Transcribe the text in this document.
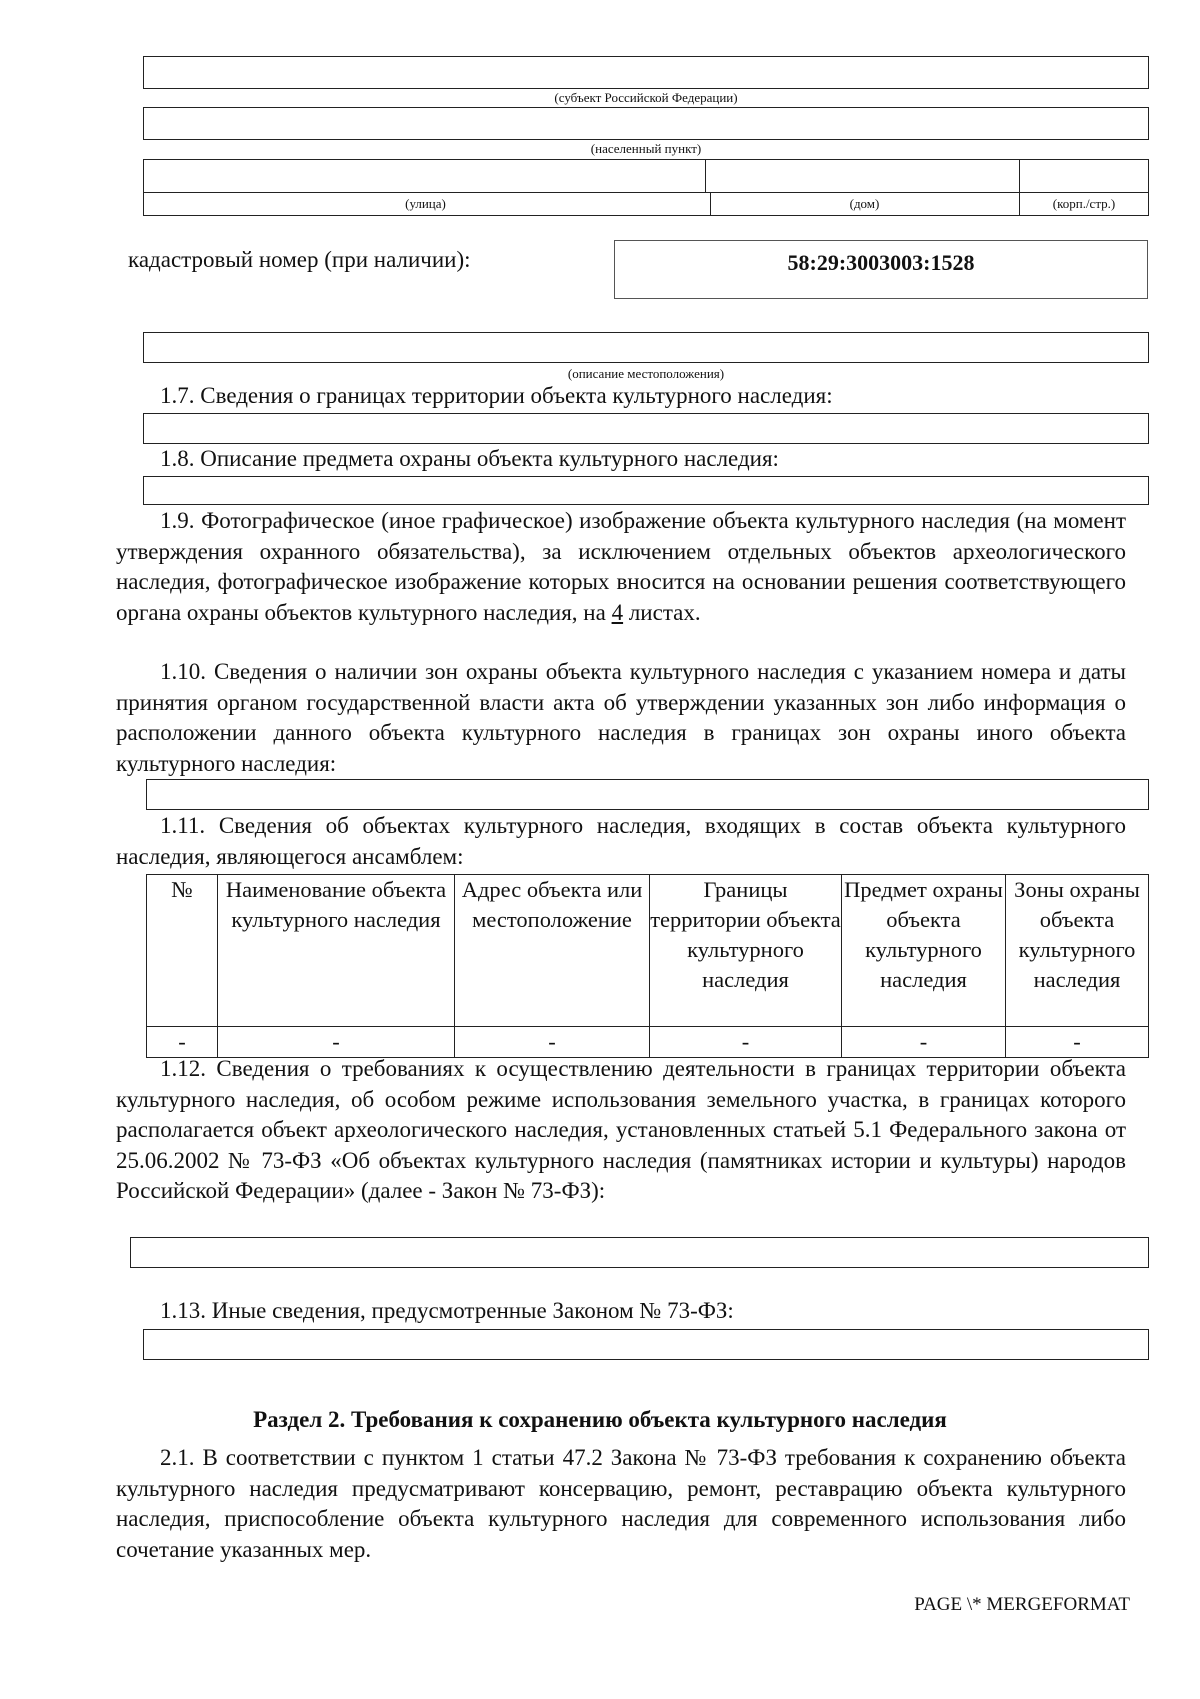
(субъект Российской Федерации)
(населенный пункт)
(улица)	(дом)	(корп./стр.)
кадастровый номер (при наличии):	58:29:3003003:1528
(описание местоположения)
1.7. Сведения о границах территории объекта культурного наследия:
1.8. Описание предмета охраны объекта культурного наследия:
1.9. Фотографическое (иное графическое) изображение объекта культурного наследия (на момент утверждения охранного обязательства), за исключением отдельных объектов археологического наследия, фотографическое изображение которых вносится на основании решения соответствующего органа охраны объектов культурного наследия, на 4 листах.
1.10. Сведения о наличии зон охраны объекта культурного наследия с указанием номера и даты принятия органом государственной власти акта об утверждении указанных зон либо информация о расположении данного объекта культурного наследия в границах зон охраны иного объекта культурного наследия:
1.11. Сведения об объектах культурного наследия, входящих в состав объекта культурного наследия, являющегося ансамблем:
№	Наименование объекта культурного наследия	Адрес объекта или местоположение	Границы территории объекта культурного наследия	Предмет охраны объекта культурного наследия	Зоны охраны объекта культурного наследия
-	-	-	-	-	-
1.12. Сведения о требованиях к осуществлению деятельности в границах территории объекта культурного наследия, об особом режиме использования земельного участка, в границах которого располагается объект археологического наследия, установленных статьей 5.1 Федерального закона от 25.06.2002 № 73-ФЗ «Об объектах культурного наследия (памятниках истории и культуры) народов Российской Федерации» (далее - Закон № 73-ФЗ):
1.13. Иные сведения, предусмотренные Законом № 73-ФЗ:
Раздел 2. Требования к сохранению объекта культурного наследия
2.1. В соответствии с пунктом 1 статьи 47.2 Закона № 73-ФЗ требования к сохранению объекта культурного наследия предусматривают консервацию, ремонт, реставрацию объекта культурного наследия, приспособление объекта культурного наследия для современного использования либо сочетание указанных мер.
PAGE \* MERGEFORMAT
